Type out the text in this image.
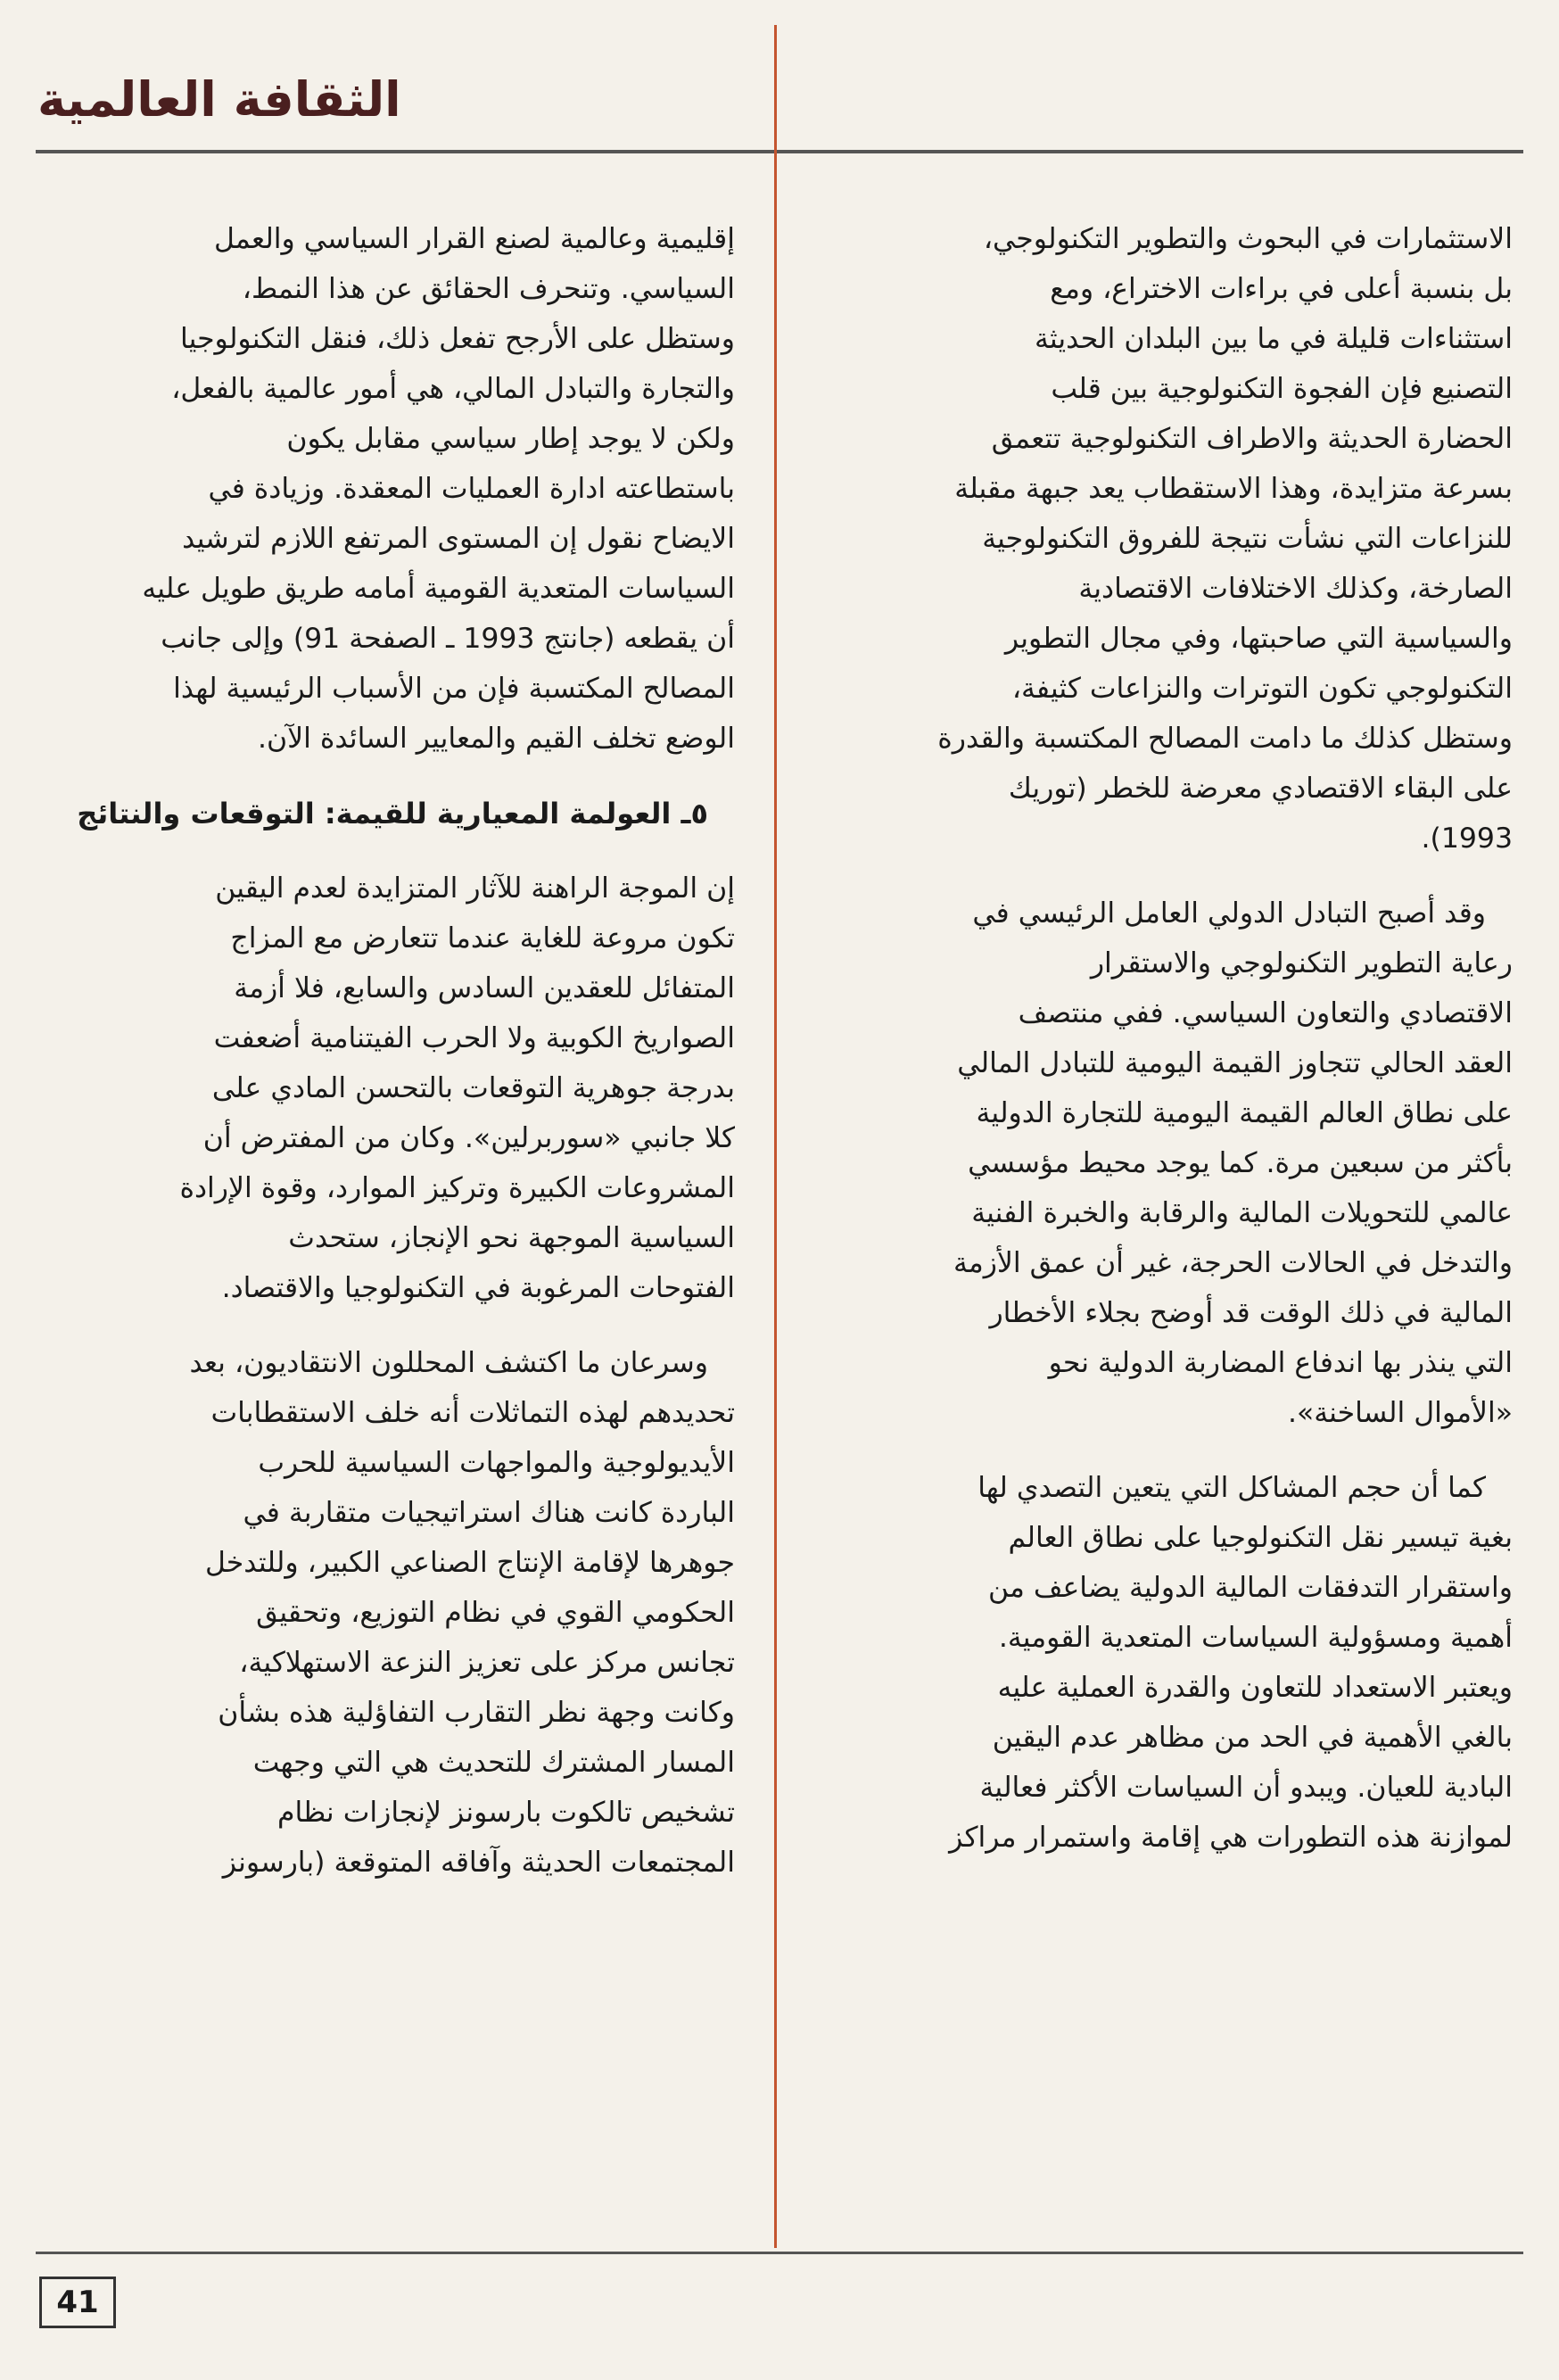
الثقافة العالمية
الاستثمارات في البحوث والتطوير التكنولوجي،
بل بنسبة أعلى في براءات الاختراع، ومع
استثناءات قليلة في ما بين البلدان الحديثة
التصنيع فإن الفجوة التكنولوجية بين قلب
الحضارة الحديثة والاطراف التكنولوجية تتعمق
بسرعة متزايدة، وهذا الاستقطاب يعد جبهة مقبلة
للنزاعات التي نشأت نتيجة للفروق التكنولوجية
الصارخة، وكذلك الاختلافات الاقتصادية
والسياسية التي صاحبتها، وفي مجال التطوير
التكنولوجي تكون التوترات والنزاعات كثيفة،
وستظل كذلك ما دامت المصالح المكتسبة والقدرة
على البقاء الاقتصادي معرضة للخطر (توريك
1993).
وقد أصبح التبادل الدولي العامل الرئيسي في
رعاية التطوير التكنولوجي والاستقرار
الاقتصادي والتعاون السياسي. ففي منتصف
العقد الحالي تتجاوز القيمة اليومية للتبادل المالي
على نطاق العالم القيمة اليومية للتجارة الدولية
بأكثر من سبعين مرة. كما يوجد محيط مؤسسي
عالمي للتحويلات المالية والرقابة والخبرة الفنية
والتدخل في الحالات الحرجة، غير أن عمق الأزمة
المالية في ذلك الوقت قد أوضح بجلاء الأخطار
التي ينذر بها اندفاع المضاربة الدولية نحو
«الأموال الساخنة».
كما أن حجم المشاكل التي يتعين التصدي لها
بغية تيسير نقل التكنولوجيا على نطاق العالم
واستقرار التدفقات المالية الدولية يضاعف من
أهمية ومسؤولية السياسات المتعدية القومية.
ويعتبر الاستعداد للتعاون والقدرة العملية عليه
بالغي الأهمية في الحد من مظاهر عدم اليقين
البادية للعيان. ويبدو أن السياسات الأكثر فعالية
لموازنة هذه التطورات هي إقامة واستمرار مراكز
إقليمية وعالمية لصنع القرار السياسي والعمل
السياسي. وتنحرف الحقائق عن هذا النمط،
وستظل على الأرجح تفعل ذلك، فنقل التكنولوجيا
والتجارة والتبادل المالي، هي أمور عالمية بالفعل،
ولكن لا يوجد إطار سياسي مقابل يكون
باستطاعته ادارة العمليات المعقدة. وزيادة في
الايضاح نقول إن المستوى المرتفع اللازم لترشيد
السياسات المتعدية القومية أمامه طريق طويل عليه
أن يقطعه (جانتج 1993 ـ الصفحة 91) وإلى جانب
المصالح المكتسبة فإن من الأسباب الرئيسية لهذا
الوضع تخلف القيم والمعايير السائدة الآن.
٥ـ العولمة المعيارية للقيمة: التوقعات والنتائج
إن الموجة الراهنة للآثار المتزايدة لعدم اليقين
تكون مروعة للغاية عندما تتعارض مع المزاج
المتفائل للعقدين السادس والسابع، فلا أزمة
الصواريخ الكوبية ولا الحرب الفيتنامية أضعفت
بدرجة جوهرية التوقعات بالتحسن المادي على
كلا جانبي «سوربرلين». وكان من المفترض أن
المشروعات الكبيرة وتركيز الموارد، وقوة الإرادة
السياسية الموجهة نحو الإنجاز، ستحدث
الفتوحات المرغوبة في التكنولوجيا والاقتصاد.
وسرعان ما اكتشف المحللون الانتقاديون، بعد
تحديدهم لهذه التماثلات أنه خلف الاستقطابات
الأيديولوجية والمواجهات السياسية للحرب
الباردة كانت هناك استراتيجيات متقاربة في
جوهرها لإقامة الإنتاج الصناعي الكبير، وللتدخل
الحكومي القوي في نظام التوزيع، وتحقيق
تجانس مركز على تعزيز النزعة الاستهلاكية،
وكانت وجهة نظر التقارب التفاؤلية هذه بشأن
المسار المشترك للتحديث هي التي وجهت
تشخيص تالكوت بارسونز لإنجازات نظام
المجتمعات الحديثة وآفاقه المتوقعة (بارسونز
41
